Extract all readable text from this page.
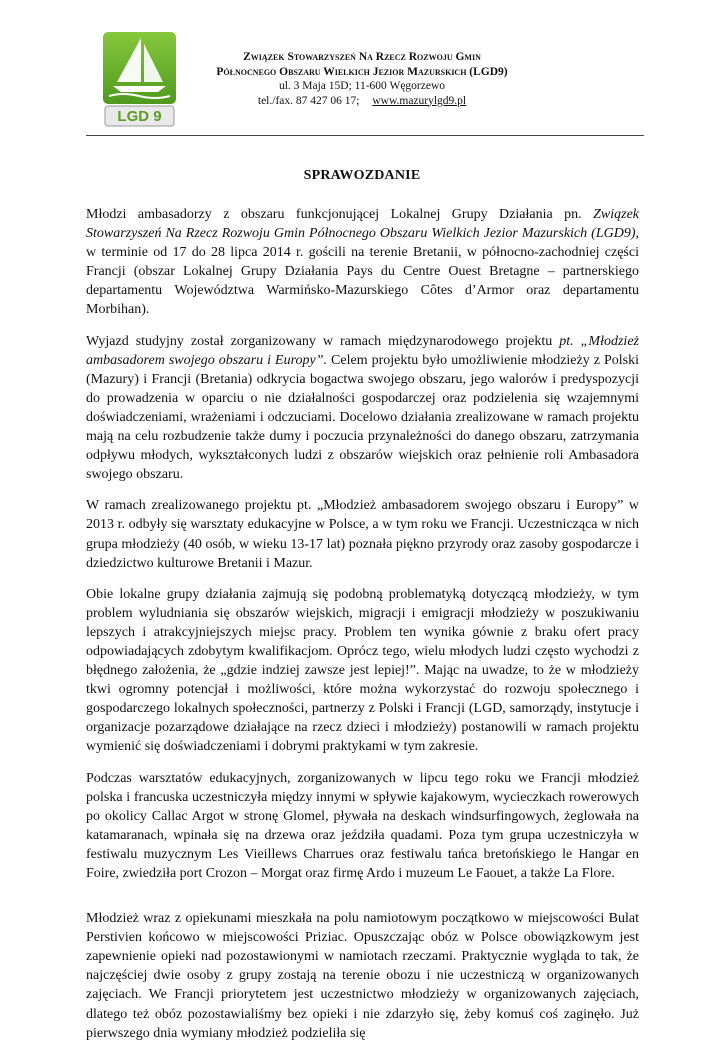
LGD 9
Związek Stowarzyszeń Na Rzecz Rozwoju Gmin
Północnego Obszaru Wielkich Jezior Mazurskich (LGD9)
ul. 3 Maja 15D; 11-600 Węgorzewo
tel./fax. 87 427 06 17; www.mazurylgd9.pl
SPRAWOZDANIE

Młodzi ambasadorzy z obszaru funkcjonującej Lokalnej Grupy Działania pn. Związek Stowarzyszeń Na Rzecz Rozwoju Gmin Północnego Obszaru Wielkich Jezior Mazurskich (LGD9), w terminie od 17 do 28 lipca 2014 r. gościli na terenie Bretanii, w północno-zachodniej części Francji (obszar Lokalnej Grupy Działania Pays du Centre Ouest Bretagne – partnerskiego departamentu Województwa Warmińsko-Mazurskiego Côtes d’Armor oraz departamentu Morbihan).

Wyjazd studyjny został zorganizowany w ramach międzynarodowego projektu pt. „Młodzież ambasadorem swojego obszaru i Europy”. Celem projektu było umożliwienie młodzieży z Polski (Mazury) i Francji (Bretania) odkrycia bogactwa swojego obszaru, jego walorów i predyspozycji do prowadzenia w oparciu o nie działalności gospodarczej oraz podzielenia się wzajemnymi doświadczeniami, wrażeniami i odczuciami. Docelowo działania zrealizowane w ramach projektu mają na celu rozbudzenie także dumy i poczucia przynależności do danego obszaru, zatrzymania odpływu młodych, wykształconych ludzi z obszarów wiejskich oraz pełnienie roli Ambasadora swojego obszaru.

W ramach zrealizowanego projektu pt. „Młodzież ambasadorem swojego obszaru i Europy” w 2013 r. odbyły się warsztaty edukacyjne w Polsce, a w tym roku we Francji. Uczestnicząca w nich grupa młodzieży (40 osób, w wieku 13-17 lat) poznała piękno przyrody oraz zasoby gospodarcze i dziedzictwo kulturowe Bretanii i Mazur.

Obie lokalne grupy działania zajmują się podobną problematyką dotyczącą młodzieży, w tym problem wyludniania się obszarów wiejskich, migracji i emigracji młodzieży w poszukiwaniu lepszych i atrakcyjniejszych miejsc pracy. Problem ten wynika gównie z braku ofert pracy odpowiadających zdobytym kwalifikacjom. Oprócz tego, wielu młodych ludzi często wychodzi z błędnego założenia, że „gdzie indziej zawsze jest lepiej!”. Mając na uwadze, to że w młodzieży tkwi ogromny potencjał i możliwości, które można wykorzystać do rozwoju społecznego i gospodarczego lokalnych społeczności, partnerzy z Polski i Francji (LGD, samorządy, instytucje i organizacje pozarządowe działające na rzecz dzieci i młodzieży) postanowili w ramach projektu wymienić się doświadczeniami i dobrymi praktykami w tym zakresie.

Podczas warsztatów edukacyjnych, zorganizowanych w lipcu tego roku we Francji młodzież polska i francuska uczestniczyła między innymi w spływie kajakowym, wycieczkach rowerowych po okolicy Callac Argot w stronę Glomel, pływała na deskach windsurfingowych, żeglowała na katamaranach, wpinała się na drzewa oraz jeździła quadami. Poza tym grupa uczestniczyła w festiwalu muzycznym Les Vieillews Charrues oraz festiwalu tańca bretońskiego le Hangar en Foire, zwiedziła port Crozon – Morgat oraz firmę Ardo i muzeum Le Faouet, a także La Flore.

Młodzież wraz z opiekunami mieszkała na polu namiotowym początkowo w miejscowości Bulat Perstivien końcowo w miejscowości Priziac. Opuszczając obóz w Polsce obowiązkowym jest zapewnienie opieki nad pozostawionymi w namiotach rzeczami. Praktycznie wygląda to tak, że najczęściej dwie osoby z grupy zostają na terenie obozu i nie uczestniczą w organizowanych zajęciach. We Francji priorytetem jest uczestnictwo młodzieży w organizowanych zajęciach, dlatego też obóz pozostawialiśmy bez opieki i nie zdarzyło się, żeby komuś coś zaginęło. Już pierwszego dnia wymiany młodzież podzieliła się
